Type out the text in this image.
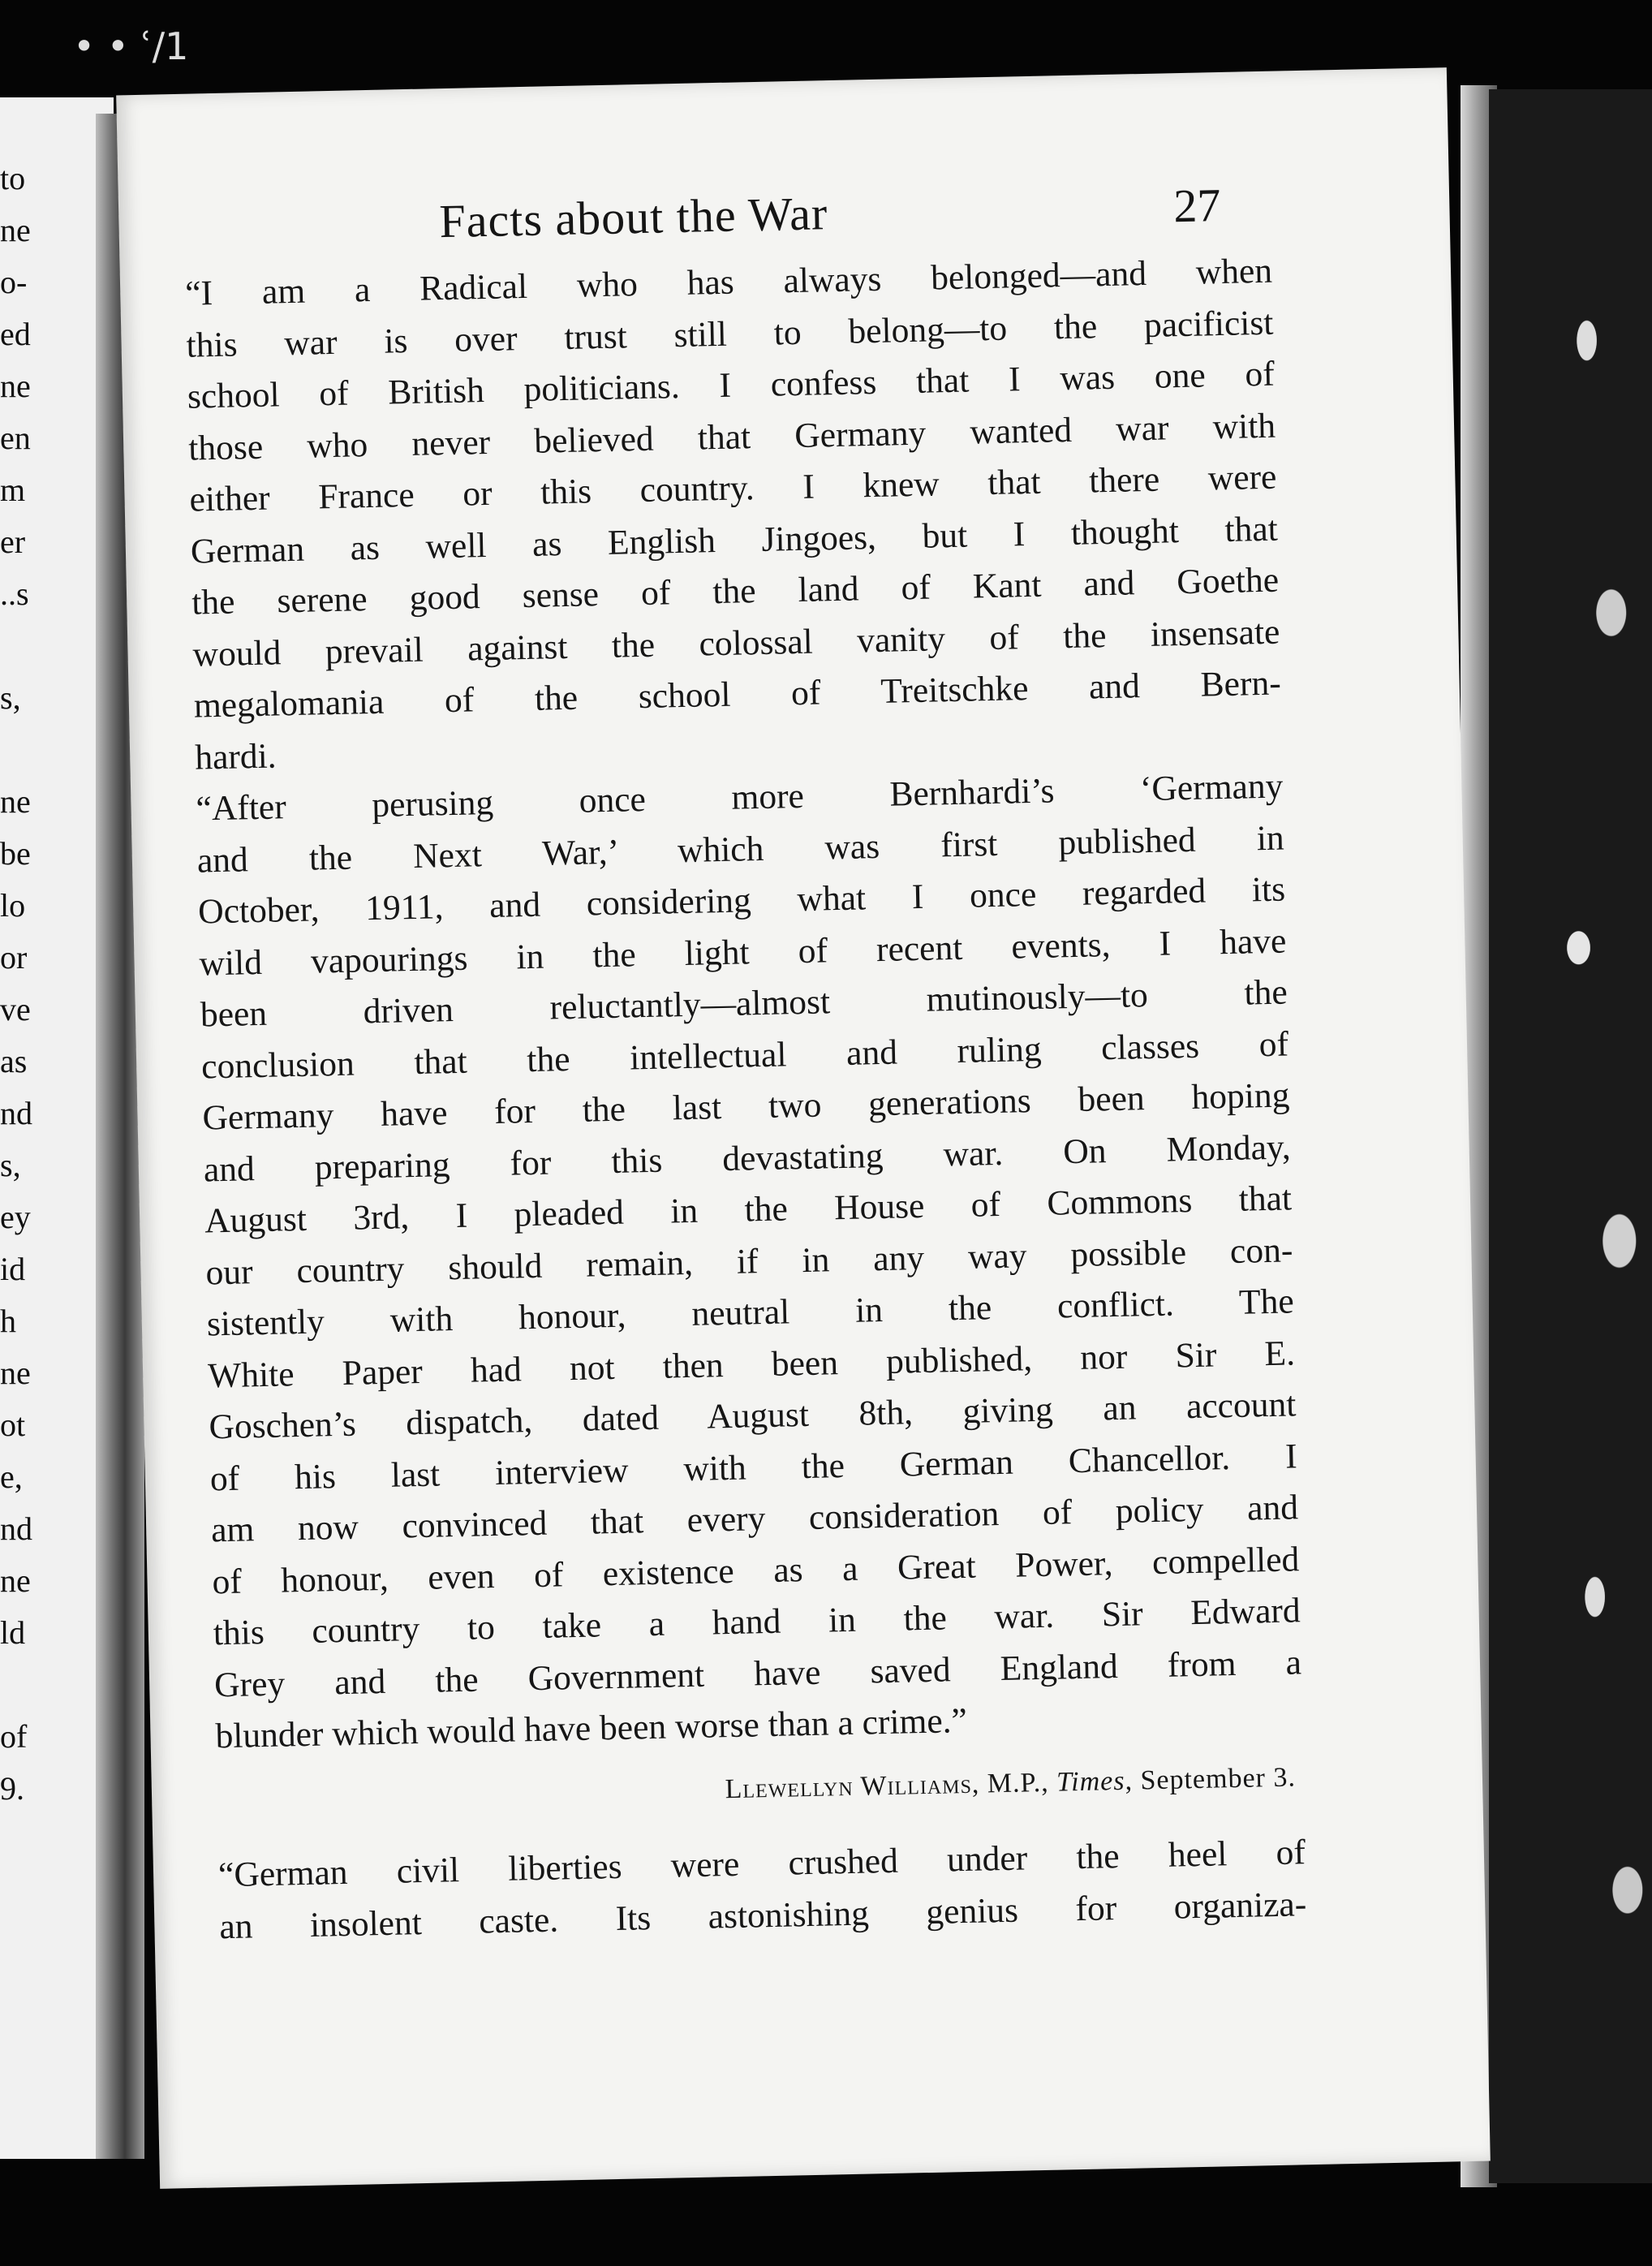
to
ne
o-
ed
ne
en
m
er
..s
s,
ne
be
lo
or
ve
as
nd
s,
ey
id
h
ne
ot
e,
nd
ne
ld
of
9.
• • ʿ/1
Facts about the War	27
“I am a Radical who has always belonged—and when
this war is over trust still to belong—to the pacificist
school of British politicians. I confess that I was one of
those who never believed that Germany wanted war with
either France or this country. I knew that there were
German as well as English Jingoes, but I thought that
the serene good sense of the land of Kant and Goethe
would prevail against the colossal vanity of the insensate
megalomania of the school of Treitschke and Bern-
hardi.
“After perusing once more Bernhardi’s ‘Germany
and the Next War,’ which was first published in
October, 1911, and considering what I once regarded its
wild vapourings in the light of recent events, I have
been driven reluctantly—almost mutinously—to the
conclusion that the intellectual and ruling classes of
Germany have for the last two generations been hoping
and preparing for this devastating war. On Monday,
August 3rd, I pleaded in the House of Commons that
our country should remain, if in any way possible con-
sistently with honour, neutral in the conflict. The
White Paper had not then been published, nor Sir E.
Goschen’s dispatch, dated August 8th, giving an account
of his last interview with the German Chancellor. I
am now convinced that every consideration of policy and
of honour, even of existence as a Great Power, compelled
this country to take a hand in the war. Sir Edward
Grey and the Government have saved England from a
blunder which would have been worse than a crime.”
Llewellyn Williams, M.P., Times, September 3.
“German civil liberties were crushed under the heel of
an insolent caste. Its astonishing genius for organiza-
